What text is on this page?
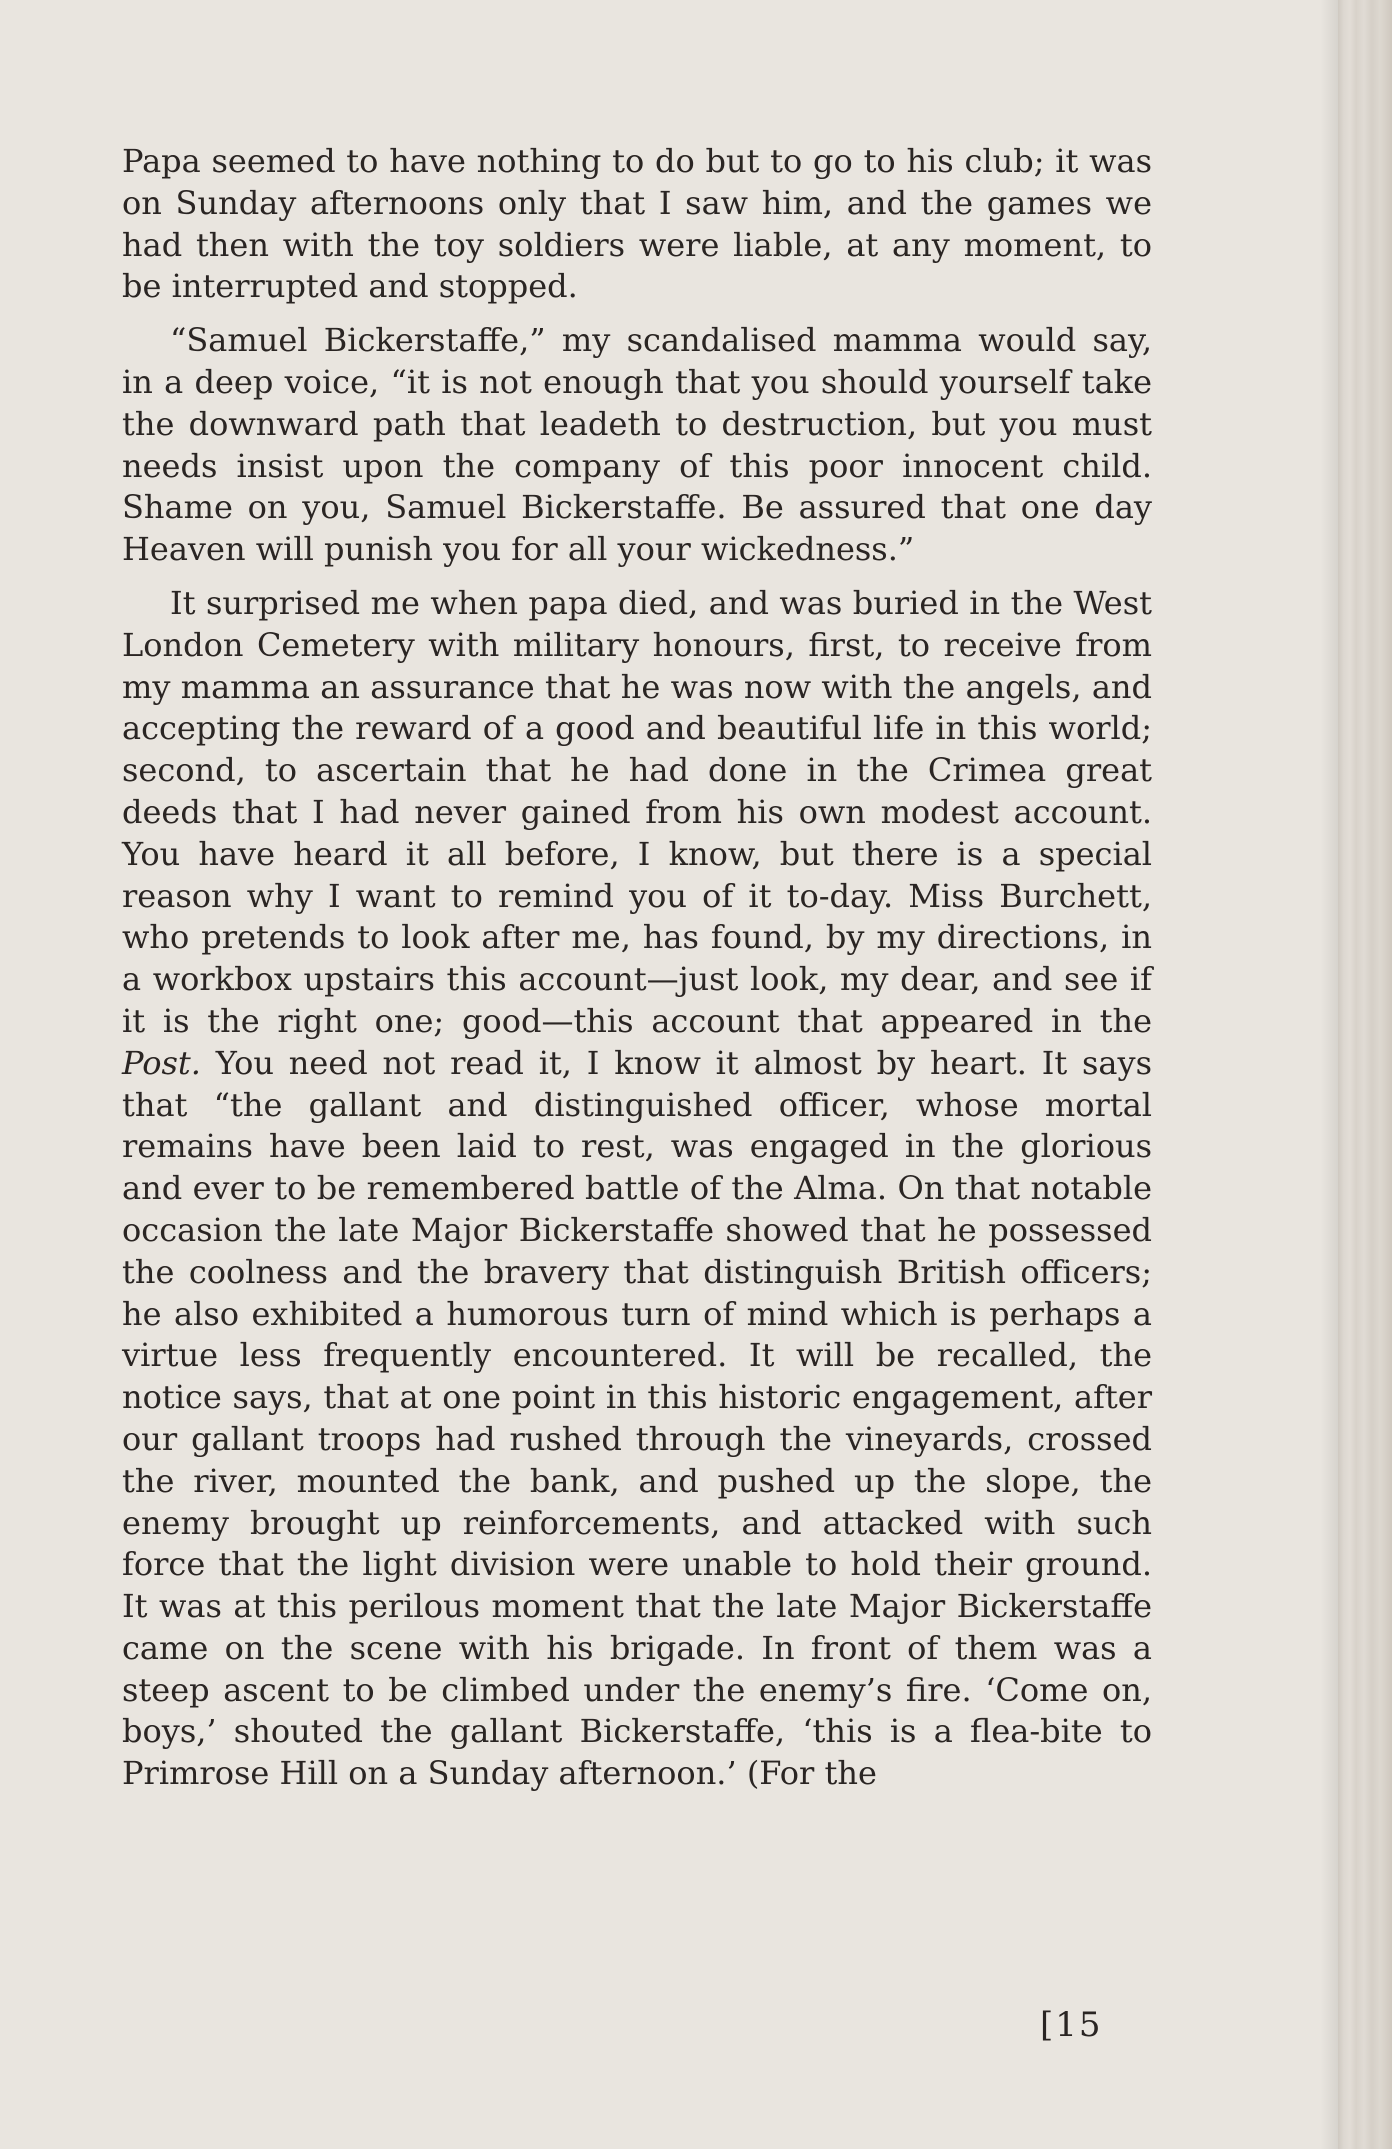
Papa seemed to have nothing to do but to go to his club; it was on Sunday afternoons only that I saw him, and the games we had then with the toy soldiers were liable, at any moment, to be interrupted and stopped.

“Samuel Bickerstaffe,” my scandalised mamma would say, in a deep voice, “it is not enough that you should yourself take the downward path that leadeth to destruction, but you must needs insist upon the company of this poor innocent child. Shame on you, Samuel Bickerstaffe. Be assured that one day Heaven will punish you for all your wickedness.”

It surprised me when papa died, and was buried in the West London Cemetery with military honours, first, to receive from my mamma an assurance that he was now with the angels, and accepting the reward of a good and beautiful life in this world; second, to ascertain that he had done in the Crimea great deeds that I had never gained from his own modest account. You have heard it all before, I know, but there is a special reason why I want to remind you of it to-day. Miss Burchett, who pretends to look after me, has found, by my directions, in a workbox upstairs this account—just look, my dear, and see if it is the right one; good—this account that appeared in the Post. You need not read it, I know it almost by heart. It says that “the gallant and distinguished officer, whose mortal remains have been laid to rest, was engaged in the glorious and ever to be remembered battle of the Alma. On that notable occasion the late Major Bickerstaffe showed that he possessed the coolness and the bravery that distinguish British officers; he also exhibited a humorous turn of mind which is perhaps a virtue less frequently encountered. It will be recalled, the notice says, that at one point in this historic engagement, after our gallant troops had rushed through the vineyards, crossed the river, mounted the bank, and pushed up the slope, the enemy brought up reinforcements, and attacked with such force that the light division were unable to hold their ground. It was at this perilous moment that the late Major Bickerstaffe came on the scene with his brigade. In front of them was a steep ascent to be climbed under the enemy’s fire. ‘Come on, boys,’ shouted the gallant Bickerstaffe, ‘this is a flea-bite to Primrose Hill on a Sunday afternoon.’ (For the

[15
